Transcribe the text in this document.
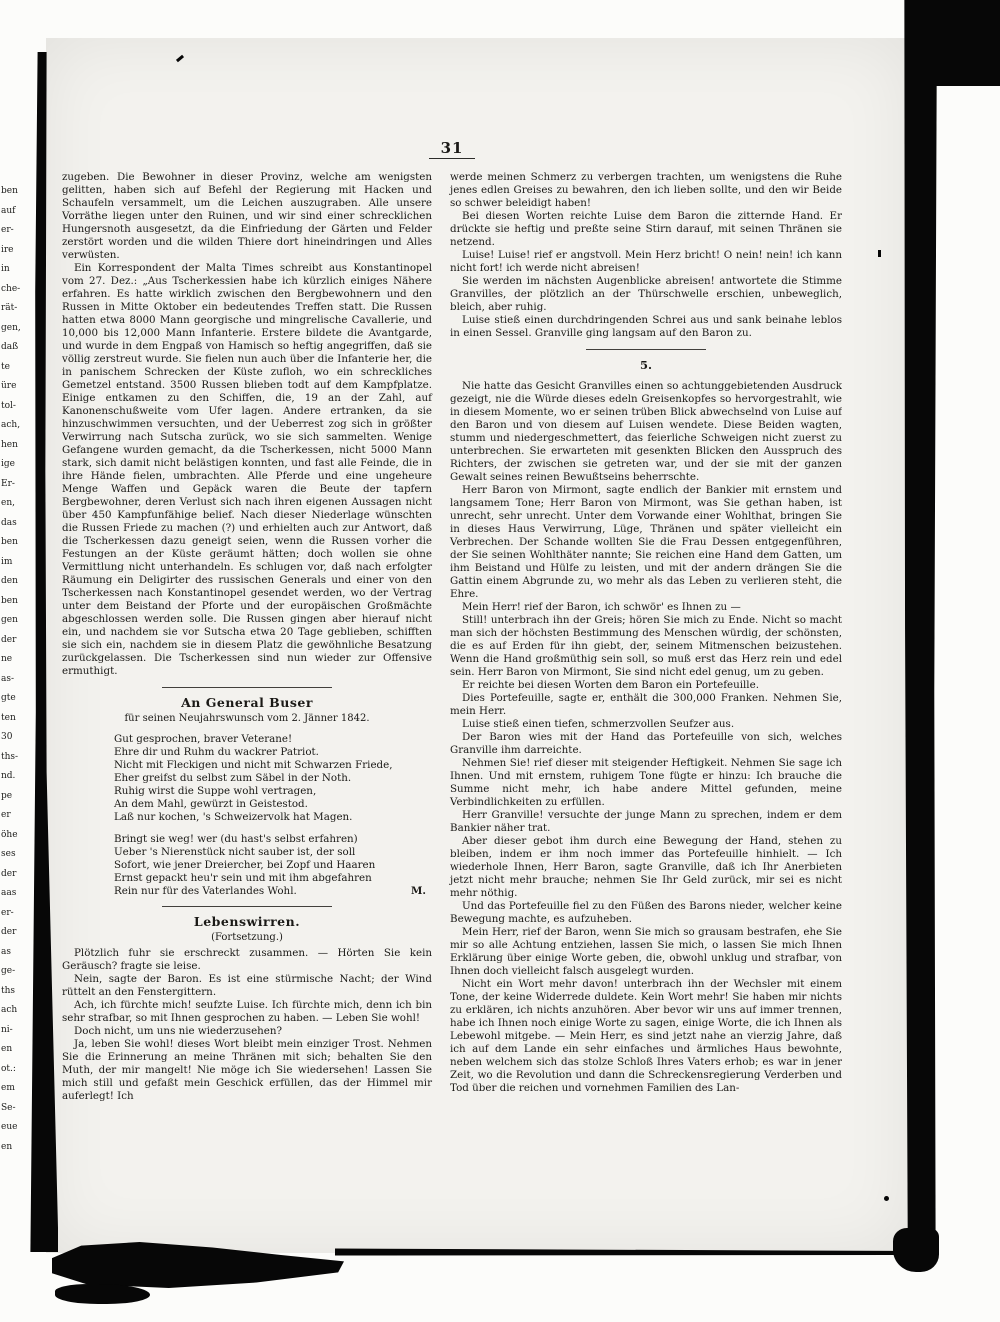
ben
auf
er-
ire
in
che-
rät-
gen,
daß
te
üre
tol-
ach,
hen
ige
Er-
en,
das
ben
im
den
ben
gen
der
ne
as-
gte
ten
30
ths-
nd.
pe
er
öhe
ses
der
aas
er-
der
as
ge-
ths
ach
ni-
en
ot.:
em
Se-
eue
en
31

zugeben. Die Bewohner in dieser Provinz, welche am wenigsten gelitten, haben sich auf Befehl der Regierung mit Hacken und Schaufeln versammelt, um die Leichen auszugraben. Alle unsere Vorräthe liegen unter den Ruinen, und wir sind einer schrecklichen Hungersnoth ausgesetzt, da die Einfriedung der Gärten und Felder zerstört worden und die wilden Thiere dort hineindringen und Alles verwüsten.

Ein Korrespondent der Malta Times schreibt aus Konstantinopel vom 27. Dez.: „Aus Tscherkessien habe ich kürzlich einiges Nähere erfahren. Es hatte wirklich zwischen den Bergbewohnern und den Russen in Mitte Oktober ein bedeutendes Treffen statt. Die Russen hatten etwa 8000 Mann georgische und mingrelische Cavallerie, und 10,000 bis 12,000 Mann Infanterie. Erstere bildete die Avantgarde, und wurde in dem Engpaß von Hamisch so heftig angegriffen, daß sie völlig zerstreut wurde. Sie fielen nun auch über die Infanterie her, die in panischem Schrecken der Küste zufloh, wo ein schreckliches Gemetzel entstand. 3500 Russen blieben todt auf dem Kampfplatze. Einige entkamen zu den Schiffen, die, 19 an der Zahl, auf Kanonenschußweite vom Ufer lagen. Andere ertranken, da sie hinzuschwimmen versuchten, und der Ueberrest zog sich in größter Verwirrung nach Sutscha zurück, wo sie sich sammelten. Wenige Gefangene wurden gemacht, da die Tscherkessen, nicht 5000 Mann stark, sich damit nicht belästigen konnten, und fast alle Feinde, die in ihre Hände fielen, umbrachten. Alle Pferde und eine ungeheure Menge Waffen und Gepäck waren die Beute der tapfern Bergbewohner, deren Verlust sich nach ihren eigenen Aussagen nicht über 450 Kampfunfähige belief. Nach dieser Niederlage wünschten die Russen Friede zu machen (?) und erhielten auch zur Antwort, daß die Tscherkessen dazu geneigt seien, wenn die Russen vorher die Festungen an der Küste geräumt hätten; doch wollen sie ohne Vermittlung nicht unterhandeln. Es schlugen vor, daß nach erfolgter Räumung ein Deligirter des russischen Generals und einer von den Tscherkessen nach Konstantinopel gesendet werden, wo der Vertrag unter dem Beistand der Pforte und der europäischen Großmächte abgeschlossen werden solle. Die Russen gingen aber hierauf nicht ein, und nachdem sie vor Sutscha etwa 20 Tage geblieben, schifften sie sich ein, nachdem sie in diesem Platz die gewöhnliche Besatzung zurückgelassen. Die Tscherkessen sind nun wieder zur Offensive ermuthigt.

An General Buser
für seinen Neujahrswunsch vom 2. Jänner 1842.
Gut gesprochen, braver Veterane!
Ehre dir und Ruhm du wackrer Patriot.
Nicht mit Fleckigen und nicht mit Schwarzen Friede,
Eher greifst du selbst zum Säbel in der Noth.
Ruhig wirst die Suppe wohl vertragen,
An dem Mahl, gewürzt in Geistestod.
Laß nur kochen, 's Schweizervolk hat Magen.
Bringt sie weg! wer (du hast's selbst erfahren)
Ueber 's Nierenstück nicht sauber ist, der soll
Sofort, wie jener Dreiercher, bei Zopf und Haaren
Ernst gepackt heu'r sein und mit ihm abgefahren
Rein nur für des Vaterlandes Wohl.	M.
Lebenswirren.
(Fortsetzung.)

Plötzlich fuhr sie erschreckt zusammen. — Hörten Sie kein Geräusch? fragte sie leise.

Nein, sagte der Baron. Es ist eine stürmische Nacht; der Wind rüttelt an den Fenstergittern.

Ach, ich fürchte mich! seufzte Luise. Ich fürchte mich, denn ich bin sehr strafbar, so mit Ihnen gesprochen zu haben. — Leben Sie wohl!

Doch nicht, um uns nie wiederzusehen?

Ja, leben Sie wohl! dieses Wort bleibt mein einziger Trost. Nehmen Sie die Erinnerung an meine Thränen mit sich; behalten Sie den Muth, der mir mangelt! Nie möge ich Sie wiedersehen! Lassen Sie mich still und gefaßt mein Geschick erfüllen, das der Himmel mir auferlegt! Ich

werde meinen Schmerz zu verbergen trachten, um wenigstens die Ruhe jenes edlen Greises zu bewahren, den ich lieben sollte, und den wir Beide so schwer beleidigt haben!

Bei diesen Worten reichte Luise dem Baron die zitternde Hand. Er drückte sie heftig und preßte seine Stirn darauf, mit seinen Thränen sie netzend.

Luise! Luise! rief er angstvoll. Mein Herz bricht! O nein! nein! ich kann nicht fort! ich werde nicht abreisen!

Sie werden im nächsten Augenblicke abreisen! antwortete die Stimme Granvilles, der plötzlich an der Thürschwelle erschien, unbeweglich, bleich, aber ruhig.

Luise stieß einen durchdringenden Schrei aus und sank beinahe leblos in einen Sessel. Granville ging langsam auf den Baron zu.

5.

Nie hatte das Gesicht Granvilles einen so achtunggebietenden Ausdruck gezeigt, nie die Würde dieses edeln Greisenkopfes so hervorgestrahlt, wie in diesem Momente, wo er seinen trüben Blick abwechselnd von Luise auf den Baron und von diesem auf Luisen wendete. Diese Beiden wagten, stumm und niedergeschmettert, das feierliche Schweigen nicht zuerst zu unterbrechen. Sie erwarteten mit gesenkten Blicken den Ausspruch des Richters, der zwischen sie getreten war, und der sie mit der ganzen Gewalt seines reinen Bewußtseins beherrschte.

Herr Baron von Mirmont, sagte endlich der Bankier mit ernstem und langsamem Tone; Herr Baron von Mirmont, was Sie gethan haben, ist unrecht, sehr unrecht. Unter dem Vorwande einer Wohlthat, bringen Sie in dieses Haus Verwirrung, Lüge, Thränen und später vielleicht ein Verbrechen. Der Schande wollten Sie die Frau Dessen entgegenführen, der Sie seinen Wohlthäter nannte; Sie reichen eine Hand dem Gatten, um ihm Beistand und Hülfe zu leisten, und mit der andern drängen Sie die Gattin einem Abgrunde zu, wo mehr als das Leben zu verlieren steht, die Ehre.

Mein Herr! rief der Baron, ich schwör' es Ihnen zu —

Still! unterbrach ihn der Greis; hören Sie mich zu Ende. Nicht so macht man sich der höchsten Bestimmung des Menschen würdig, der schönsten, die es auf Erden für ihn giebt, der, seinem Mitmenschen beizustehen. Wenn die Hand großmüthig sein soll, so muß erst das Herz rein und edel sein. Herr Baron von Mirmont, Sie sind nicht edel genug, um zu geben.

Er reichte bei diesen Worten dem Baron ein Portefeuille.

Dies Portefeuille, sagte er, enthält die 300,000 Franken. Nehmen Sie, mein Herr.

Luise stieß einen tiefen, schmerzvollen Seufzer aus.

Der Baron wies mit der Hand das Portefeuille von sich, welches Granville ihm darreichte.

Nehmen Sie! rief dieser mit steigender Heftigkeit. Nehmen Sie sage ich Ihnen. Und mit ernstem, ruhigem Tone fügte er hinzu: Ich brauche die Summe nicht mehr, ich habe andere Mittel gefunden, meine Verbindlichkeiten zu erfüllen.

Herr Granville! versuchte der junge Mann zu sprechen, indem er dem Bankier näher trat.

Aber dieser gebot ihm durch eine Bewegung der Hand, stehen zu bleiben, indem er ihm noch immer das Portefeuille hinhielt. — Ich wiederhole Ihnen, Herr Baron, sagte Granville, daß ich Ihr Anerbieten jetzt nicht mehr brauche; nehmen Sie Ihr Geld zurück, mir sei es nicht mehr nöthig.

Und das Portefeuille fiel zu den Füßen des Barons nieder, welcher keine Bewegung machte, es aufzuheben.

Mein Herr, rief der Baron, wenn Sie mich so grausam bestrafen, ehe Sie mir so alle Achtung entziehen, lassen Sie mich, o lassen Sie mich Ihnen Erklärung über einige Worte geben, die, obwohl unklug und strafbar, von Ihnen doch vielleicht falsch ausgelegt wurden.

Nicht ein Wort mehr davon! unterbrach ihn der Wechsler mit einem Tone, der keine Widerrede duldete. Kein Wort mehr! Sie haben mir nichts zu erklären, ich nichts anzuhören. Aber bevor wir uns auf immer trennen, habe ich Ihnen noch einige Worte zu sagen, einige Worte, die ich Ihnen als Lebewohl mitgebe. — Mein Herr, es sind jetzt nahe an vierzig Jahre, daß ich auf dem Lande ein sehr einfaches und ärmliches Haus bewohnte, neben welchem sich das stolze Schloß Ihres Vaters erhob; es war in jener Zeit, wo die Revolution und dann die Schreckensregierung Verderben und Tod über die reichen und vornehmen Familien des Lan-
